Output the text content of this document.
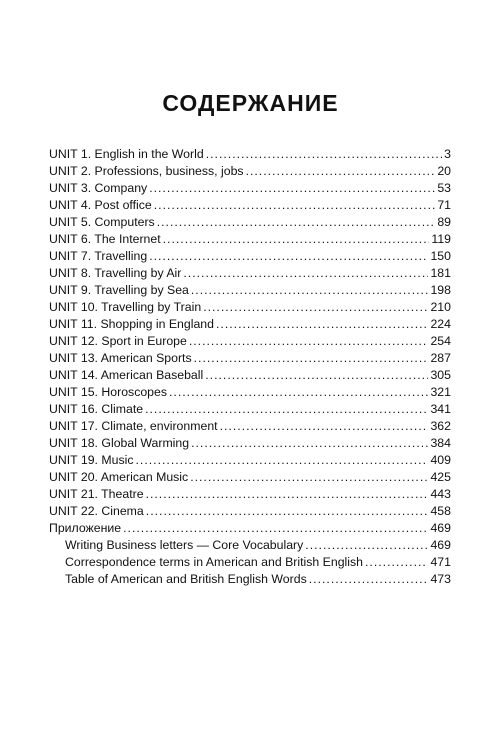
СОДЕРЖАНИЕ
UNIT 1. English in the World .....	3
UNIT 2. Professions, business, jobs .....	20
UNIT 3. Company .....	53
UNIT 4. Post office .....	71
UNIT 5. Computers .....	89
UNIT 6. The Internet .....	119
UNIT 7. Travelling .....	150
UNIT 8. Travelling by Air .....	181
UNIT 9. Travelling by Sea .....	198
UNIT 10. Travelling by Train .....	210
UNIT 11. Shopping in England .....	224
UNIT 12. Sport in Europe .....	254
UNIT 13. American Sports .....	287
UNIT 14. American Baseball .....	305
UNIT 15. Horoscopes .....	321
UNIT 16. Climate .....	341
UNIT 17. Climate, environment .....	362
UNIT 18. Global Warming .....	384
UNIT 19. Music .....	409
UNIT 20. American Music .....	425
UNIT 21. Theatre .....	443
UNIT 22. Cinema .....	458
Приложение .....	469
Writing Business letters — Core Vocabulary .....	469
Correspondence terms in American and British English .....	471
Table of American and British English Words .....	473
